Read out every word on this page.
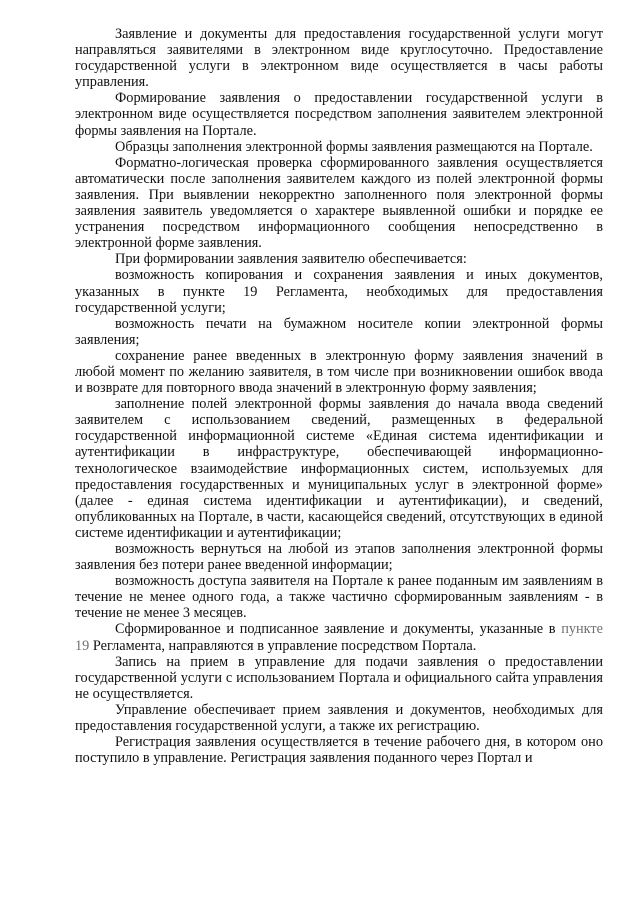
Заявление и документы для предоставления государственной услуги могут направляться заявителями в электронном виде круглосуточно. Предоставление государственной услуги в электронном виде осуществляется в часы работы управления.

Формирование заявления о предоставлении государственной услуги в электронном виде осуществляется посредством заполнения заявителем электронной формы заявления на Портале.

Образцы заполнения электронной формы заявления размещаются на Портале.

Форматно-логическая проверка сформированного заявления осуществляется автоматически после заполнения заявителем каждого из полей электронной формы заявления. При выявлении некорректно заполненного поля электронной формы заявления заявитель уведомляется о характере выявленной ошибки и порядке ее устранения посредством информационного сообщения непосредственно в электронной форме заявления.

При формировании заявления заявителю обеспечивается:

возможность копирования и сохранения заявления и иных документов, указанных в пункте 19 Регламента, необходимых для предоставления государственной услуги;

возможность печати на бумажном носителе копии электронной формы заявления;

сохранение ранее введенных в электронную форму заявления значений в любой момент по желанию заявителя, в том числе при возникновении ошибок ввода и возврате для повторного ввода значений в электронную форму заявления;

заполнение полей электронной формы заявления до начала ввода сведений заявителем с использованием сведений, размещенных в федеральной государственной информационной системе «Единая система идентификации и аутентификации в инфраструктуре, обеспечивающей информационно-технологическое взаимодействие информационных систем, используемых для предоставления государственных и муниципальных услуг в электронной форме» (далее - единая система идентификации и аутентификации), и сведений, опубликованных на Портале, в части, касающейся сведений, отсутствующих в единой системе идентификации и аутентификации;

возможность вернуться на любой из этапов заполнения электронной формы заявления без потери ранее введенной информации;

возможность доступа заявителя на Портале к ранее поданным им заявлениям в течение не менее одного года, а также частично сформированным заявлениям - в течение не менее 3 месяцев.

Сформированное и подписанное заявление и документы, указанные в пункте 19 Регламента, направляются в управление посредством Портала.

Запись на прием в управление для подачи заявления о предоставлении государственной услуги с использованием Портала и официального сайта управления не осуществляется.

Управление обеспечивает прием заявления и документов, необходимых для предоставления государственной услуги, а также их регистрацию.

Регистрация заявления осуществляется в течение рабочего дня, в котором оно поступило в управление. Регистрация заявления поданного через Портал и
